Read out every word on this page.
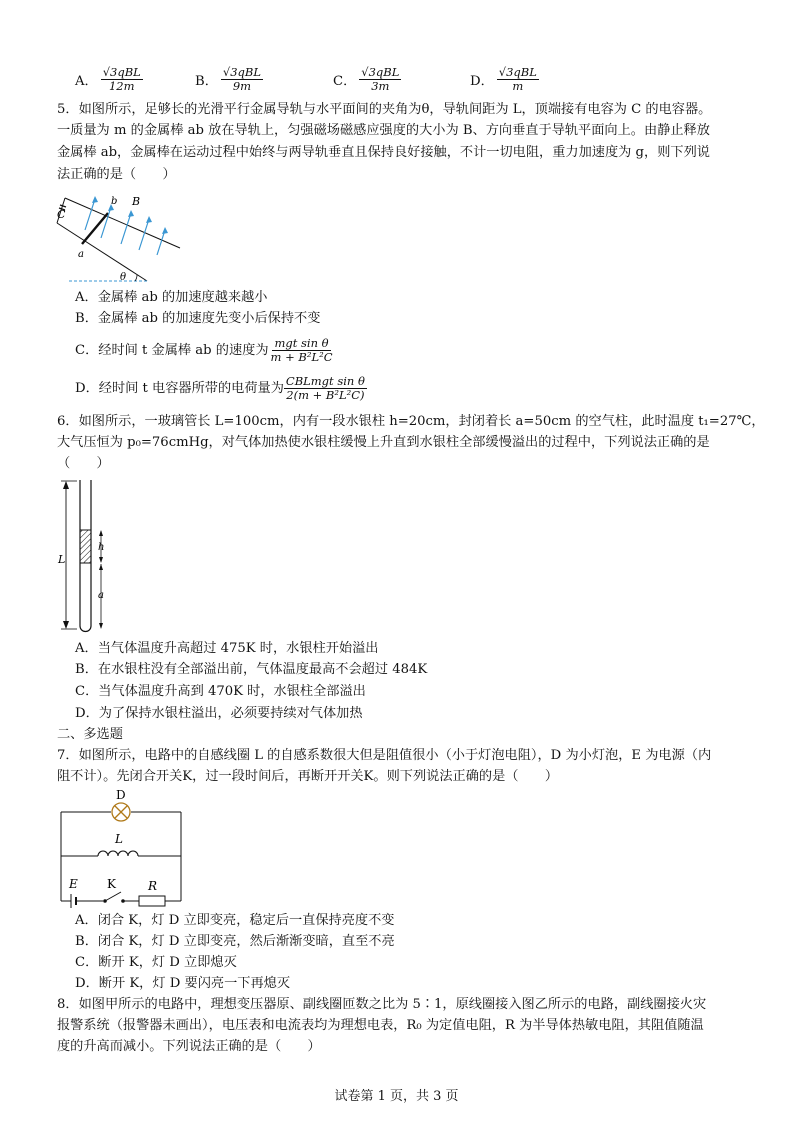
A． $\frac{\text{√3qBL}}{12m}$	B． $\frac{\text{√3qBL}}{9m}$	C． $\frac{\text{√3qBL}}{3m}$	D． $\frac{\text{√3qBL}}{m}$
5．如图所示，足够长的光滑平行金属导轨与水平面间的夹角为θ，导轨间距为 L，顶端接有电容为 C 的电容器。
一质量为 m 的金属棒 ab 放在导轨上，匀强磁场磁感应强度的大小为 B、方向垂直于导轨平面向上。由静止释放
金属棒 ab，金属棒在运动过程中始终与两导轨垂直且保持良好接触，不计一切电阻，重力加速度为 g，则下列说
法正确的是（　　）
C
b B
a
θ
A．金属棒 ab 的加速度越来越小
B．金属棒 ab 的加速度先变小后保持不变
C．经时间 t 金属棒 ab 的速度为 $\frac{\text{mgt sin θ}}{\text{m + B²L²C}}$
D．经时间 t 电容器所带的电荷量为 $\frac{\text{CBLmgt sin θ}}{\text{2(m + B²L²C)}}$
6．如图所示，一玻璃管长 L=100cm，内有一段水银柱 h=20cm，封闭着长 a=50cm 的空气柱，此时温度 t₁=27℃，
大气压恒为 p₀=76cmHg，对气体加热使水银柱缓慢上升直到水银柱全部缓慢溢出的过程中，下列说法正确的是
（　　）
L
h
a
A．当气体温度升高超过 475K 时，水银柱开始溢出
B．在水银柱没有全部溢出前，气体温度最高不会超过 484K
C．当气体温度升高到 470K 时，水银柱全部溢出
D．为了保持水银柱溢出，必须要持续对气体加热
二、多选题
7．如图所示，电路中的自感线圈 L 的自感系数很大但是阻值很小（小于灯泡电阻），D 为小灯泡，E 为电源（内
阻不计）。先闭合开关K，过一段时间后，再断开开关K。则下列说法正确的是（　　）
D
L
E K	R
A．闭合 K，灯 D 立即变亮，稳定后一直保持亮度不变
B．闭合 K，灯 D 立即变亮，然后渐渐变暗，直至不亮
C．断开 K，灯 D 立即熄灭
D．断开 K，灯 D 要闪亮一下再熄灭
8．如图甲所示的电路中，理想变压器原、副线圈匝数之比为 5∶1，原线圈接入图乙所示的电路，副线圈接火灾
报警系统（报警器未画出），电压表和电流表均为理想电表，R₀ 为定值电阻，R 为半导体热敏电阻，其阻值随温
度的升高而减小。下列说法正确的是（　　）
试卷第 1 页，共 3 页
